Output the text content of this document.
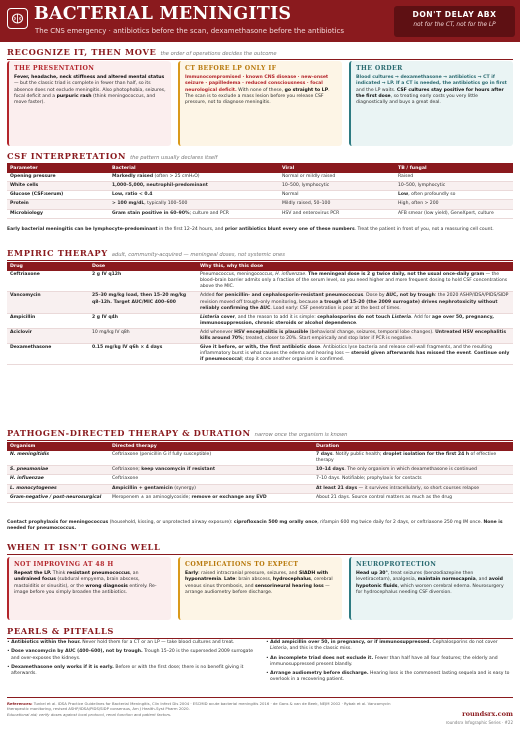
BACTERIAL MENINGITIS
The CNS emergency · antibiotics before the scan, dexamethasone before the antibiotics
DON'T DELAY ABX
not for the CT, not for the LP
RECOGNIZE IT, THEN MOVE the order of operations decides the outcome
THE PRESENTATION
Fever, headache, neck stiffness and altered mental status — but the classic triad is complete in fewer than half, so its absence does not exclude meningitis. Also photophobia, seizures, focal deficit and a purpuric rash (think meningococcus, and move faster).
CT BEFORE LP ONLY IF
Immunocompromised · known CNS disease · new-onset seizure · papilledema · reduced consciousness · focal neurological deficit. With none of these, go straight to LP. The scan is to exclude a mass lesion before you release CSF pressure, not to diagnose meningitis.
THE ORDER
Blood cultures → dexamethasone → antibiotics → CT if indicated → LP. If a CT is needed, the antibiotics go in first and the LP waits. CSF cultures stay positive for hours after the first dose, so treating early costs you very little diagnostically and buys a great deal.
CSF INTERPRETATION the pattern usually declares itself
Parameter	Bacterial	Viral	TB / fungal
Opening pressure	Markedly raised (often > 25 cmH₂O)	Normal or mildly raised	Raised
White cells	1,000–5,000, neutrophil-predominant	10–500, lymphocytic	10–500, lymphocytic
Glucose (CSF:serum)	Low, ratio < 0.4	Normal	Low, often profoundly so
Protein	> 100 mg/dL, typically 100–500	Mildly raised, 50–100	High, often > 200
Microbiology	Gram stain positive in 60–90%; culture and PCR	HSV and enterovirus PCR	AFB smear (low yield), GeneXpert, culture
Early bacterial meningitis can be lymphocyte-predominant in the first 12–24 hours, and prior antibiotics blunt every one of these numbers. Treat the patient in front of you, not a reassuring cell count.
EMPIRIC THERAPY adult, community-acquired — meningeal doses, not systemic ones
Drug	Dose	Why this, why this dose
Ceftriaxone	2 g IV q12h	Pneumococcus, meningococcus, H. influenzae. The meningeal dose is 2 g twice daily, not the usual once-daily gram — the blood–brain barrier admits only a fraction of the serum level, so you need higher and more frequent dosing to hold CSF concentrations above the MIC.
Vancomycin	25–30 mg/kg load, then 15–20 mg/kg q8–12h. Target AUC/MIC 400–600	Added for penicillin- and cephalosporin-resistant pneumococcus. Dose by AUC, not by trough: the 2020 ASHP/IDSA/PIDS/SIDP revision moved off trough-only monitoring, because a trough of 15–20 (the 2009 surrogate) drives nephrotoxicity without reliably confirming the AUC. Load early: CSF penetration is poor at the best of times.
Ampicillin	2 g IV q4h	Listeria cover, and the reason to add it is simple: cephalosporins do not touch Listeria. Add for age over 50, pregnancy, immunosuppression, chronic steroids or alcohol dependence.
Aciclovir	10 mg/kg IV q8h	Add whenever HSV encephalitis is plausible (behavioral change, seizures, temporal lobe changes). Untreated HSV encephalitis kills around 70%; treated, closer to 20%. Start empirically and stop later if PCR is negative.
Dexamethasone	0.15 mg/kg IV q6h × 4 days	Give it before, or with, the first antibiotic dose. Antibiotics lyse bacteria and release cell-wall fragments, and the resulting inflammatory burst is what causes the edema and hearing loss — steroid given afterwards has missed the event. Continue only if pneumococcal; stop it once another organism is confirmed.
PATHOGEN-DIRECTED THERAPY & DURATION narrow once the organism is known
Organism	Directed therapy	Duration
N. meningitidis	Ceftriaxone (penicillin G if fully susceptible)	7 days. Notify public health; droplet isolation for the first 24 h of effective therapy
S. pneumoniae	Ceftriaxone; keep vancomycin if resistant	10–14 days. The only organism in which dexamethasone is continued
H. influenzae	Ceftriaxone	7–10 days. Notifiable; prophylaxis for contacts
L. monocytogenes	Ampicillin + gentamicin (synergy)	At least 21 days — it survives intracellularly, so short courses relapse
Gram-negative / post-neurosurgical	Meropenem ± an aminoglycoside; remove or exchange any EVD	About 21 days. Source control matters as much as the drug
Contact prophylaxis for meningococcus (household, kissing, or unprotected airway exposure): ciprofloxacin 500 mg orally once, rifampin 600 mg twice daily for 2 days, or ceftriaxone 250 mg IM once. None is needed for pneumococcus.
WHEN IT ISN'T GOING WELL
NOT IMPROVING AT 48 H
Repeat the LP. Think resistant pneumococcus, an undrained focus (subdural empyema, brain abscess, mastoiditis or sinusitis), or the wrong diagnosis entirely. Re-image before you simply broaden the antibiotics.
COMPLICATIONS TO EXPECT
Early: raised intracranial pressure, seizures, and SIADH with hyponatremia. Late: brain abscess, hydrocephalus, cerebral venous sinus thrombosis, and sensorineural hearing loss — arrange audiometry before discharge.
NEUROPROTECTION
Head up 30°, treat seizures (benzodiazepine then levetiracetam), analgesia, maintain normocapnia, and avoid hypotonic fluids, which worsen cerebral edema. Neurosurgery for hydrocephalus needing CSF diversion.
PEARLS & PITFALLS
• Antibiotics within the hour. Never hold them for a CT or an LP — take blood cultures and treat.
• Dose vancomycin by AUC (400–600), not by trough. Trough 15–20 is the superseded 2009 surrogate and over-exposes the kidneys.
• Dexamethasone only works if it is early. Before or with the first dose; there is no benefit giving it afterwards.
• Add ampicillin over 50, in pregnancy, or if immunosuppressed. Cephalosporins do not cover Listeria, and this is the classic miss.
• An incomplete triad does not exclude it. Fewer than half have all four features; the elderly and immunosuppressed present blandly.
• Arrange audiometry before discharge. Hearing loss is the commonest lasting sequela and is easy to overlook in a recovering patient.
References: Tunkel et al. IDSA Practice Guidelines for Bacterial Meningitis, Clin Infect Dis 2004 · ESCMID acute bacterial meningitis 2016 · de Gans & van de Beek, NEJM 2002 · Rybak et al. Vancomycin therapeutic monitoring, revised ASHP/IDSA/PIDS/SIDP consensus, Am J Health-Syst Pharm 2020.
Educational aid; verify doses against local protocol, renal function and patient factors.	roundsrx.com
roundsrx Infographic Series · #22
